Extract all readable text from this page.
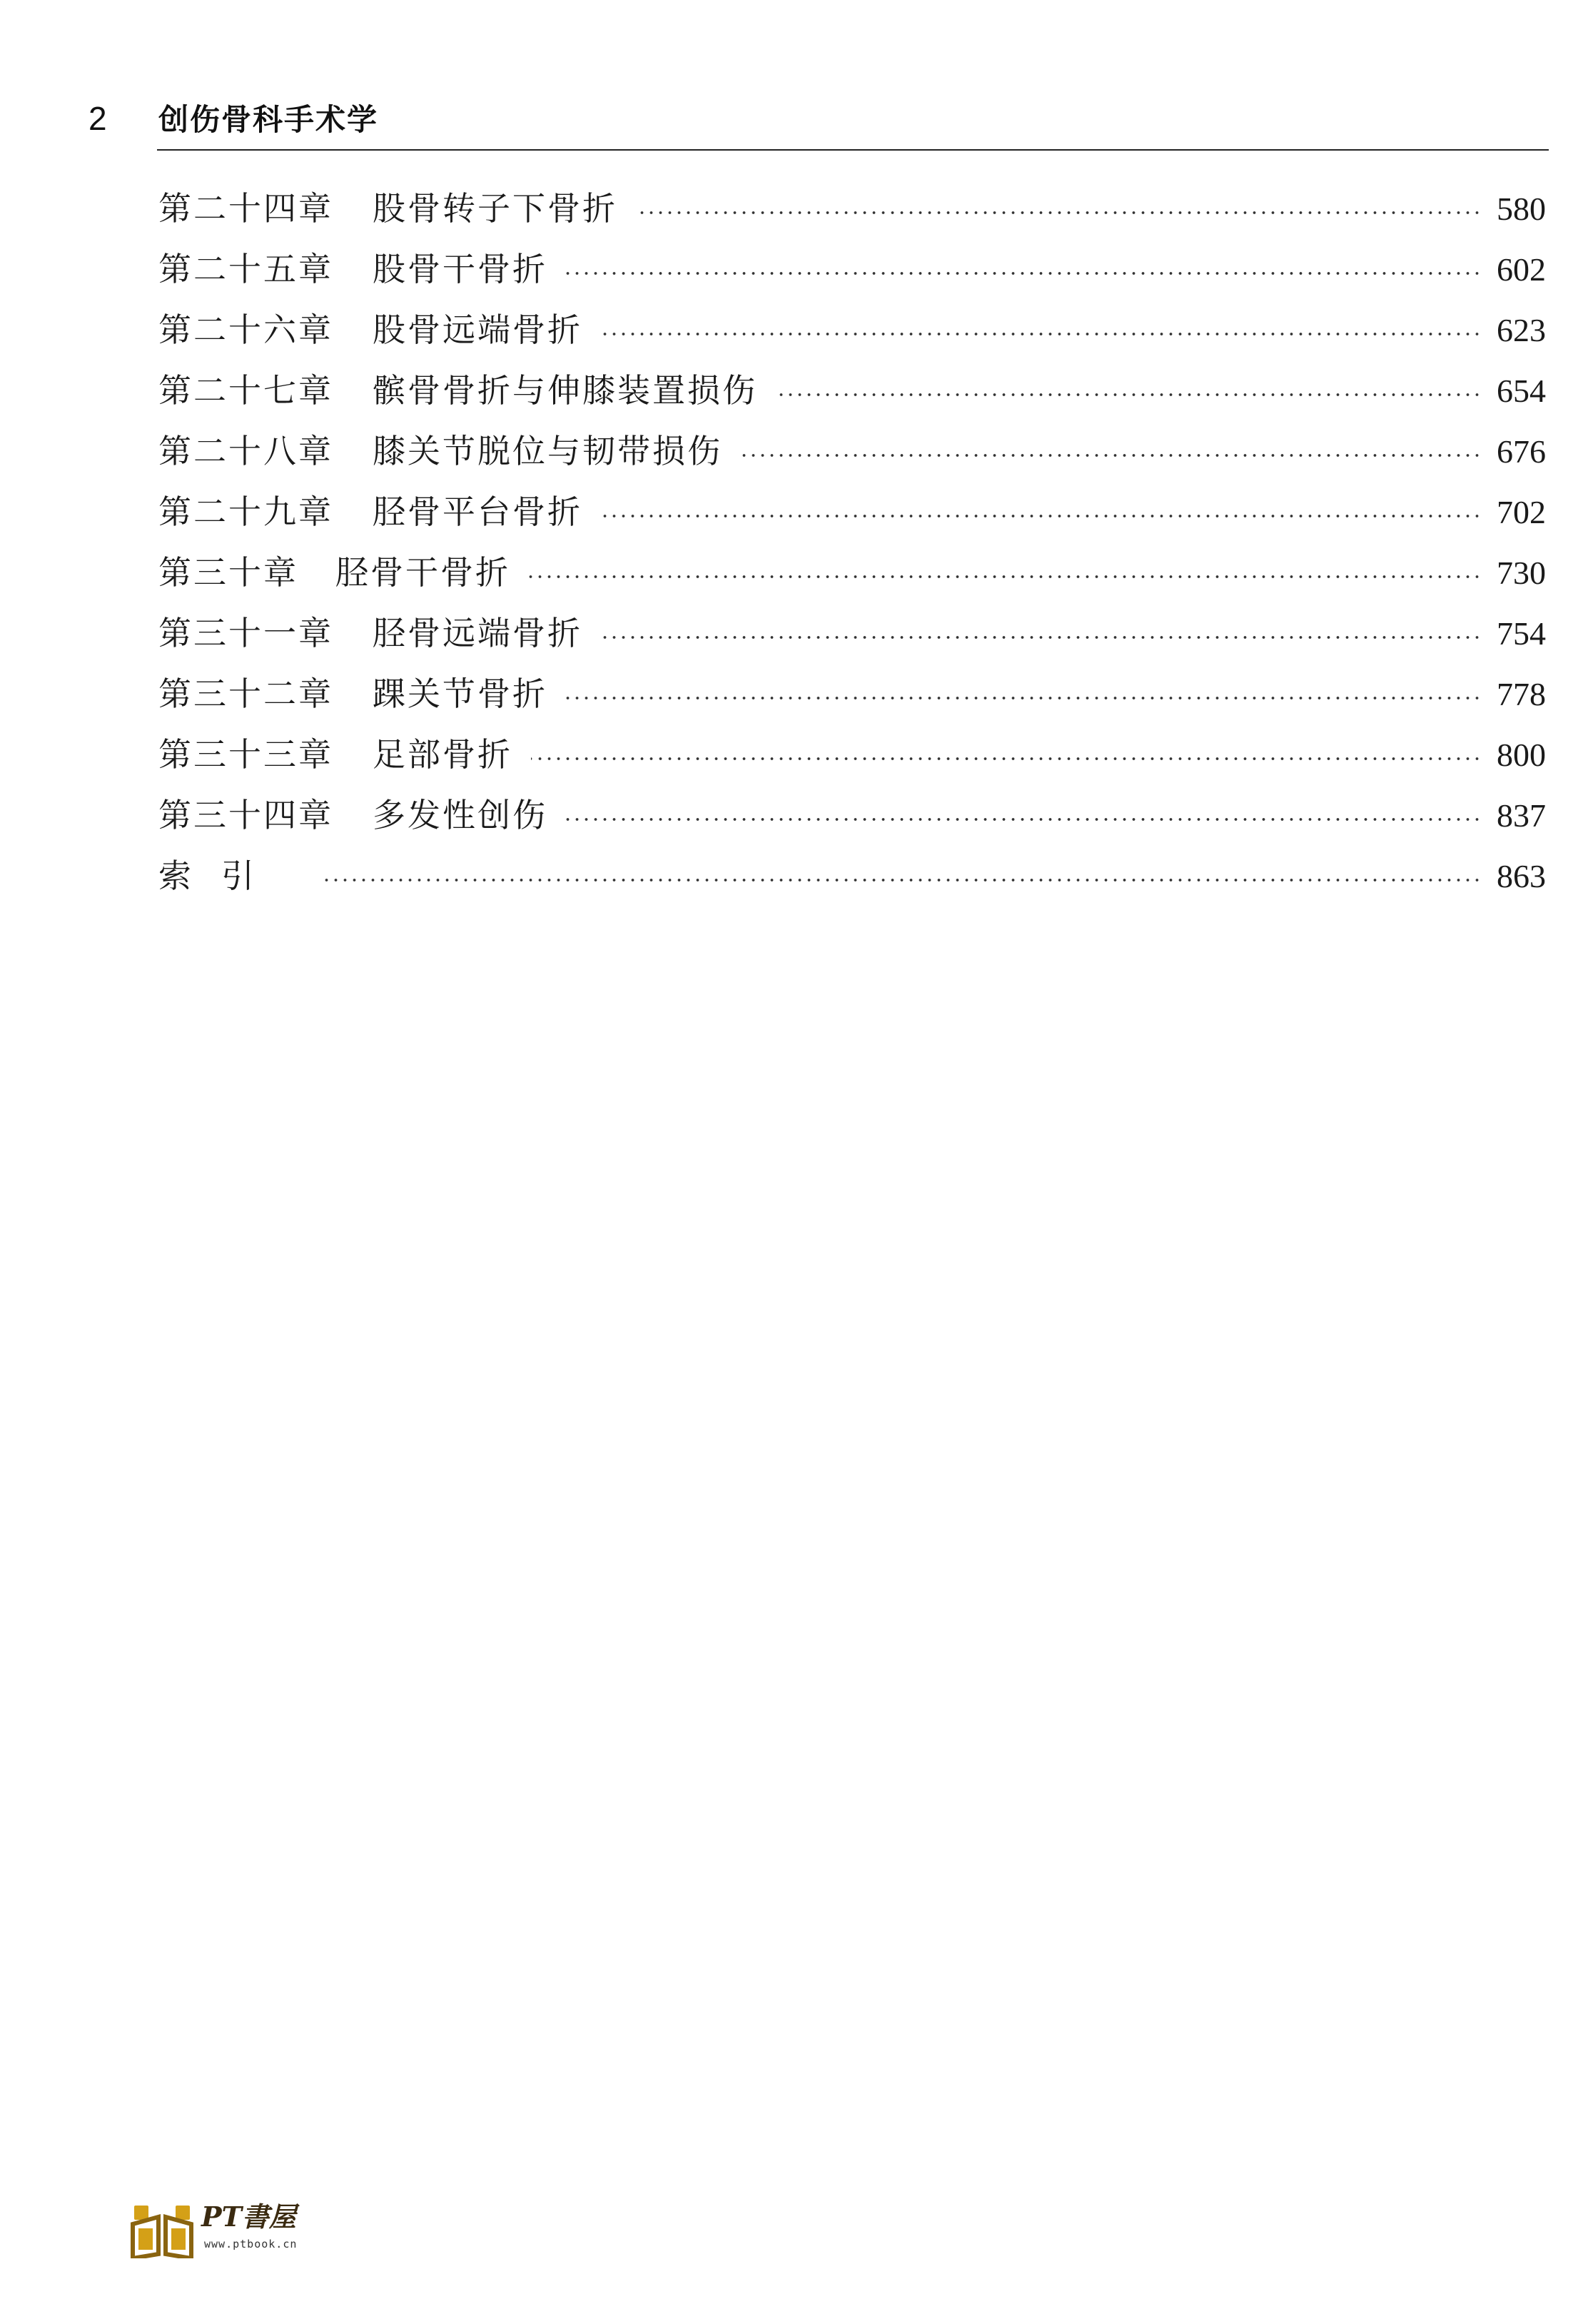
2 创伤骨科手术学
第二十四章 股骨转子下骨折	580
第二十五章 股骨干骨折	602
第二十六章 股骨远端骨折	623
第二十七章 髌骨骨折与伸膝装置损伤	654
第二十八章 膝关节脱位与韧带损伤	676
第二十九章 胫骨平台骨折	702
第三十章 胫骨干骨折	730
第三十一章 胫骨远端骨折	754
第三十二章 踝关节骨折	778
第三十三章 足部骨折	800
第三十四章 多发性创伤	837
索引	863
PT書屋
www.ptbook.cn
